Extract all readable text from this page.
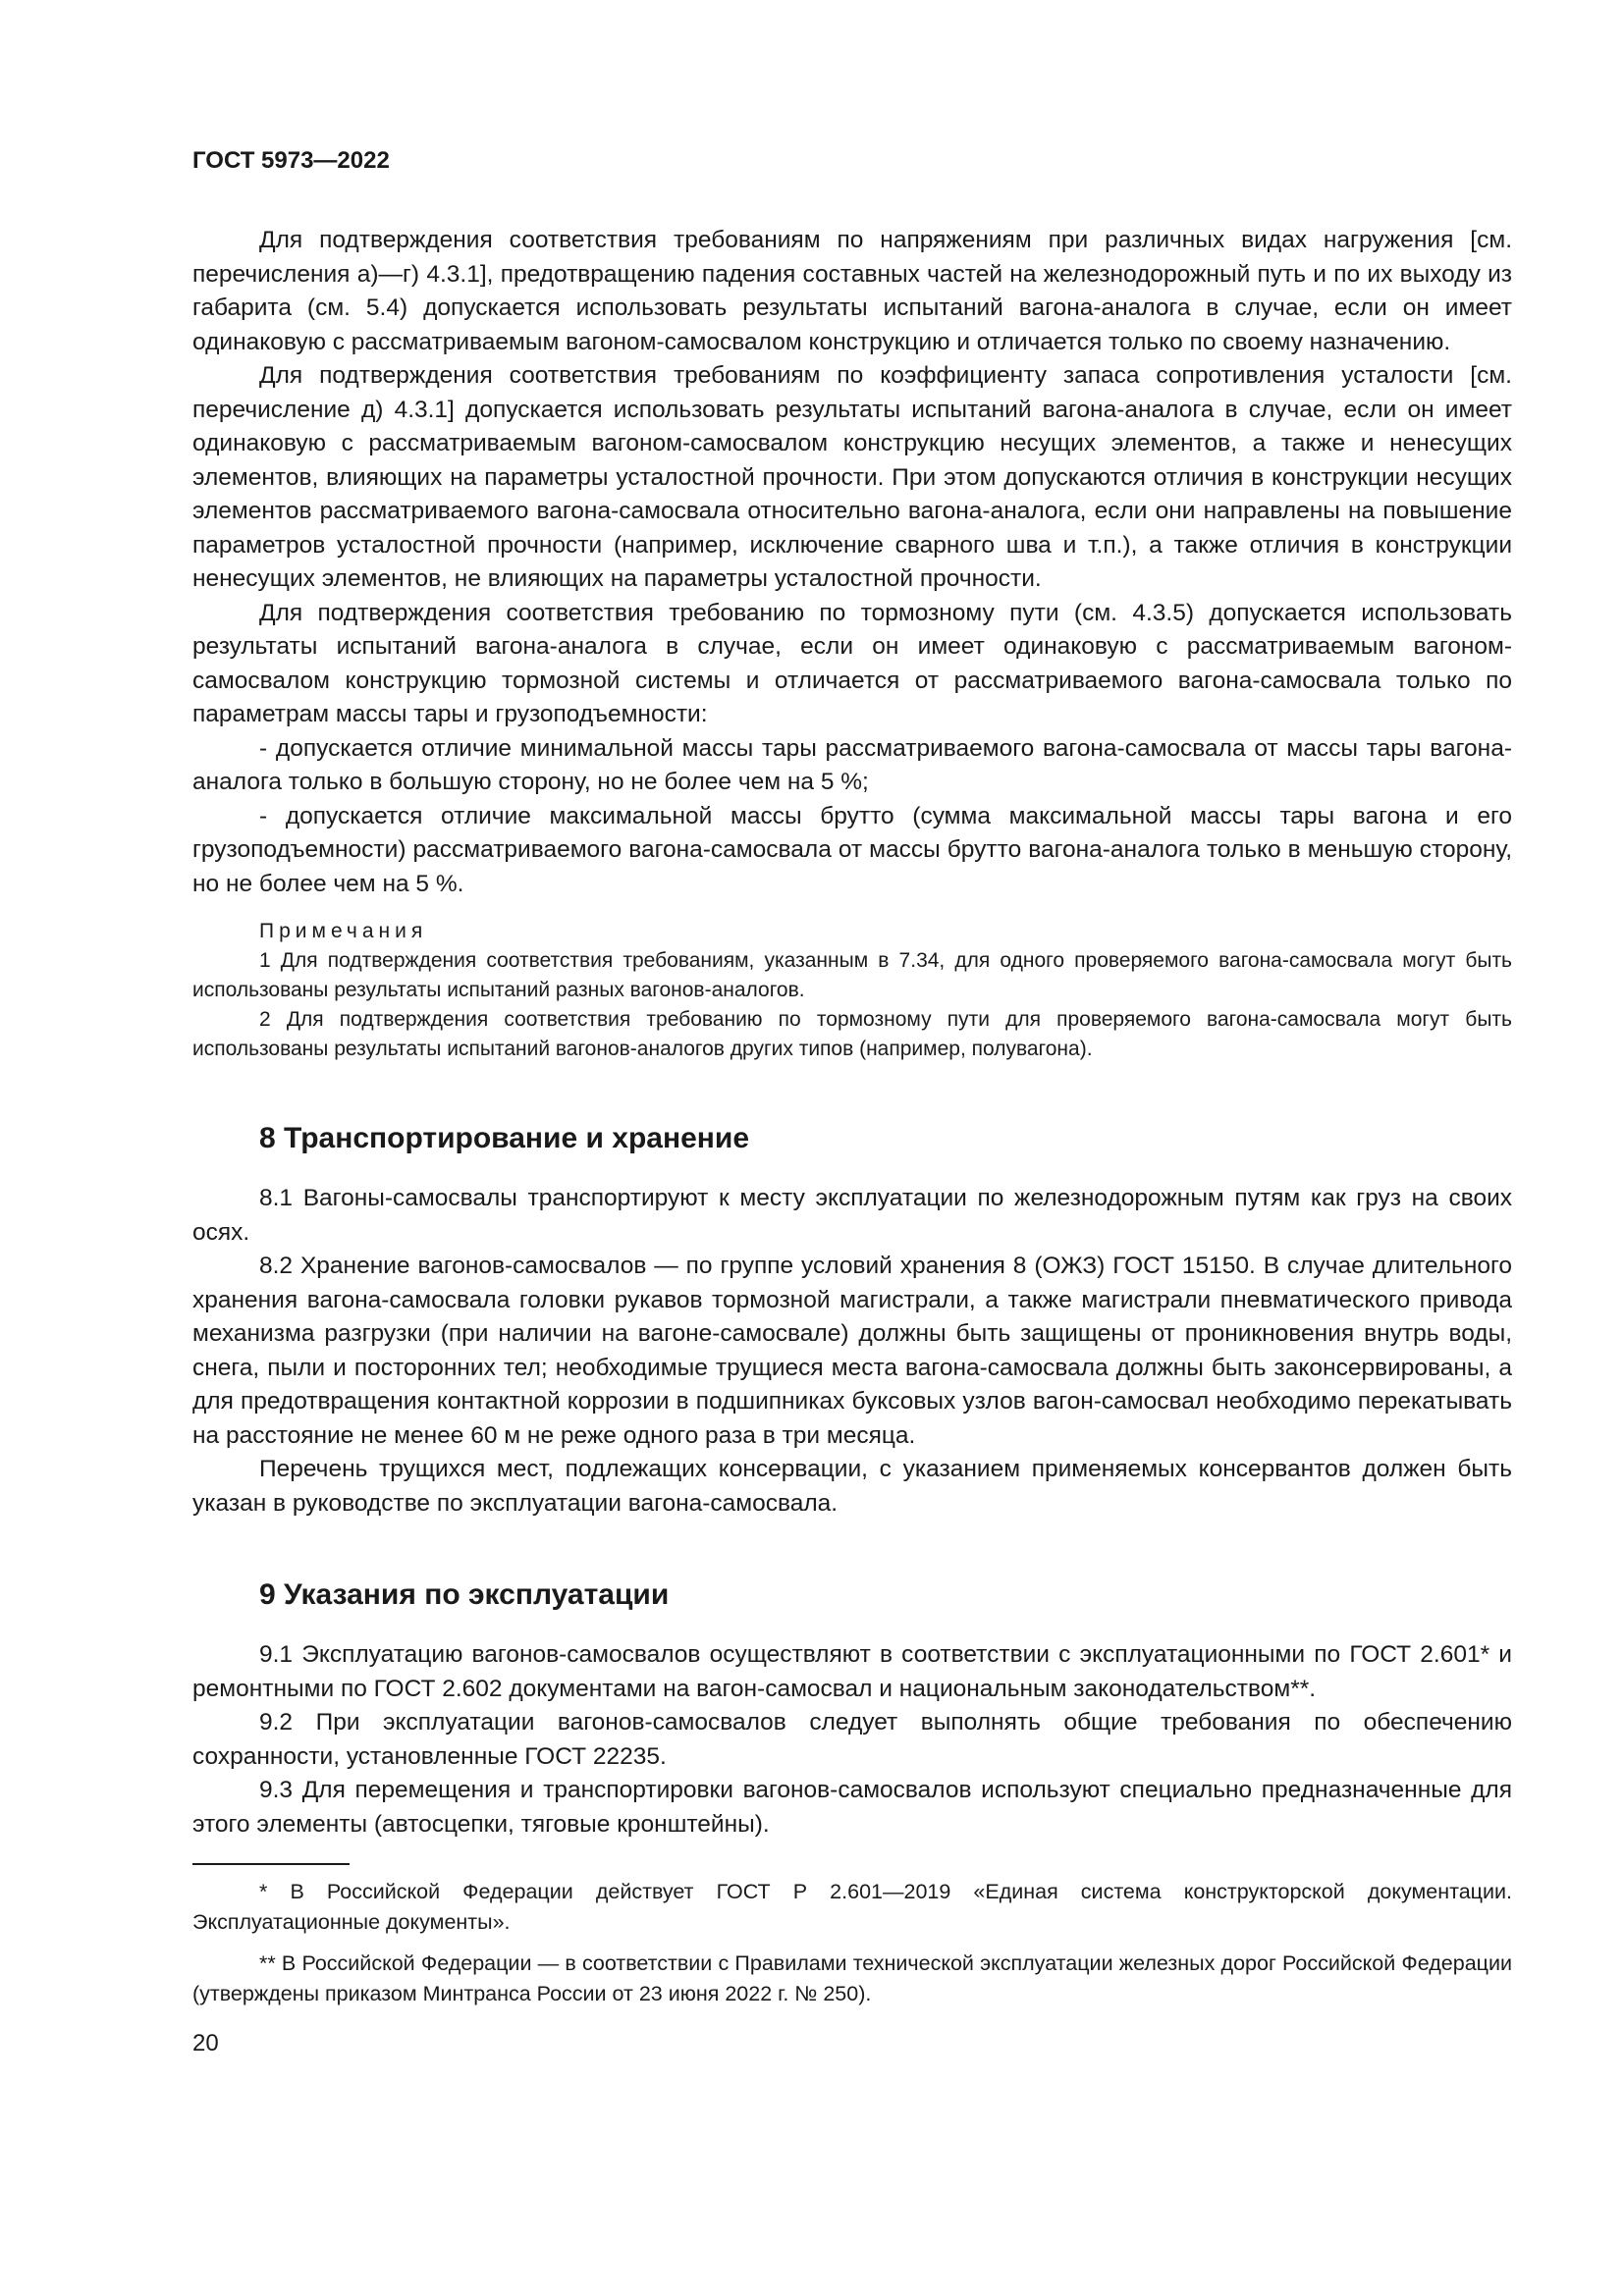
ГОСТ 5973—2022

Для подтверждения соответствия требованиям по напряжениям при различных видах нагружения [см. перечисления а)—г) 4.3.1], предотвращению падения составных частей на железнодорожный путь и по их выходу из габарита (см. 5.4) допускается использовать результаты испытаний вагона-аналога в случае, если он имеет одинаковую с рассматриваемым вагоном-самосвалом конструкцию и отличается только по своему назначению.

Для подтверждения соответствия требованиям по коэффициенту запаса сопротивления усталости [см. перечисление д) 4.3.1] допускается использовать результаты испытаний вагона-аналога в случае, если он имеет одинаковую с рассматриваемым вагоном-самосвалом конструкцию несущих элементов, а также и ненесущих элементов, влияющих на параметры усталостной прочности. При этом допускаются отличия в конструкции несущих элементов рассматриваемого вагона-самосвала относительно вагона-аналога, если они направлены на повышение параметров усталостной прочности (например, исключение сварного шва и т.п.), а также отличия в конструкции ненесущих элементов, не влияющих на параметры усталостной прочности.

Для подтверждения соответствия требованию по тормозному пути (см. 4.3.5) допускается использовать результаты испытаний вагона-аналога в случае, если он имеет одинаковую с рассматриваемым вагоном-самосвалом конструкцию тормозной системы и отличается от рассматриваемого вагона-самосвала только по параметрам массы тары и грузоподъемности:

- допускается отличие минимальной массы тары рассматриваемого вагона-самосвала от массы тары вагона-аналога только в большую сторону, но не более чем на 5 %;

- допускается отличие максимальной массы брутто (сумма максимальной массы тары вагона и его грузоподъемности) рассматриваемого вагона-самосвала от массы брутто вагона-аналога только в меньшую сторону, но не более чем на 5 %.

Примечания

1 Для подтверждения соответствия требованиям, указанным в 7.34, для одного проверяемого вагона-самосвала могут быть использованы результаты испытаний разных вагонов-аналогов.

2 Для подтверждения соответствия требованию по тормозному пути для проверяемого вагона-самосвала могут быть использованы результаты испытаний вагонов-аналогов других типов (например, полувагона).

8 Транспортирование и хранение

8.1 Вагоны-самосвалы транспортируют к месту эксплуатации по железнодорожным путям как груз на своих осях.

8.2 Хранение вагонов-самосвалов — по группе условий хранения 8 (ОЖЗ) ГОСТ 15150. В случае длительного хранения вагона-самосвала головки рукавов тормозной магистрали, а также магистрали пневматического привода механизма разгрузки (при наличии на вагоне-самосвале) должны быть защищены от проникновения внутрь воды, снега, пыли и посторонних тел; необходимые трущиеся места вагона-самосвала должны быть законсервированы, а для предотвращения контактной коррозии в подшипниках буксовых узлов вагон-самосвал необходимо перекатывать на расстояние не менее 60 м не реже одного раза в три месяца.

Перечень трущихся мест, подлежащих консервации, с указанием применяемых консервантов должен быть указан в руководстве по эксплуатации вагона-самосвала.

9 Указания по эксплуатации

9.1 Эксплуатацию вагонов-самосвалов осуществляют в соответствии с эксплуатационными по ГОСТ 2.601* и ремонтными по ГОСТ 2.602 документами на вагон-самосвал и национальным законодательством**.

9.2 При эксплуатации вагонов-самосвалов следует выполнять общие требования по обеспечению сохранности, установленные ГОСТ 22235.

9.3 Для перемещения и транспортировки вагонов-самосвалов используют специально предназначенные для этого элементы (автосцепки, тяговые кронштейны).

* В Российской Федерации действует ГОСТ Р 2.601—2019 «Единая система конструкторской документации. Эксплуатационные документы».

** В Российской Федерации — в соответствии с Правилами технической эксплуатации железных дорог Российской Федерации (утверждены приказом Минтранса России от 23 июня 2022 г. № 250).

20
